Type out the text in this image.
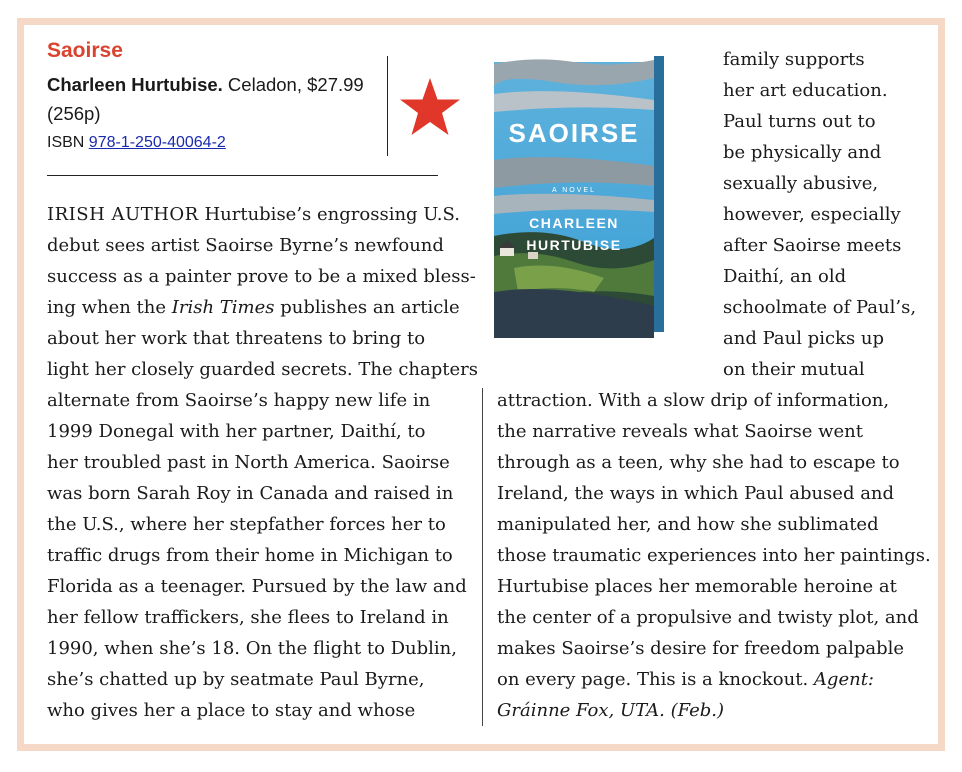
Saoirse
Charleen Hurtubise. Celadon, $27.99
(256p)
ISBN 978-1-250-40064-2	SAOIRSE
A NOVEL
CHARLEEN
HURTUBISE

IRISH AUTHOR Hurtubise’s engrossing U.S.

debut sees artist Saoirse Byrne’s newfound

success as a painter prove to be a mixed bless-

ing when the Irish Times publishes an article

about her work that threatens to bring to

light her closely guarded secrets. The chapters

alternate from Saoirse’s happy new life in

1999 Donegal with her partner, Daithí, to

her troubled past in North America. Saoirse

was born Sarah Roy in Canada and raised in

the U.S., where her stepfather forces her to

traffic drugs from their home in Michigan to

Florida as a teenager. Pursued by the law and

her fellow traffickers, she flees to Ireland in

1990, when she’s 18. On the flight to Dublin,

she’s chatted up by seatmate Paul Byrne,

who gives her a place to stay and whose

family supports

her art education.

Paul turns out to

be physically and

sexually abusive,

however, especially

after Saoirse meets

Daithí, an old

schoolmate of Paul’s,

and Paul picks up

on their mutual

attraction. With a slow drip of information,

the narrative reveals what Saoirse went

through as a teen, why she had to escape to

Ireland, the ways in which Paul abused and

manipulated her, and how she sublimated

those traumatic experiences into her paintings.

Hurtubise places her memorable heroine at

the center of a propulsive and twisty plot, and

makes Saoirse’s desire for freedom palpable

on every page. This is a knockout. Agent:

Gráinne Fox, UTA. (Feb.)
